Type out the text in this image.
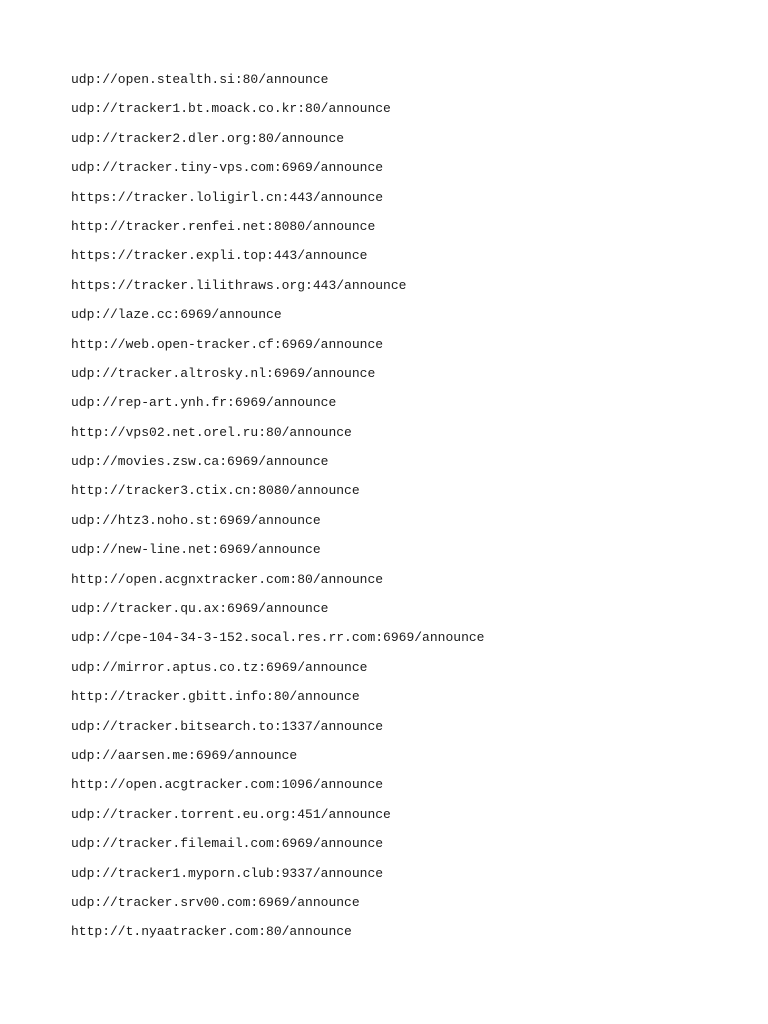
udp://open.stealth.si:80/announce
udp://tracker1.bt.moack.co.kr:80/announce
udp://tracker2.dler.org:80/announce
udp://tracker.tiny-vps.com:6969/announce
https://tracker.loligirl.cn:443/announce
http://tracker.renfei.net:8080/announce
https://tracker.expli.top:443/announce
https://tracker.lilithraws.org:443/announce
udp://laze.cc:6969/announce
http://web.open-tracker.cf:6969/announce
udp://tracker.altrosky.nl:6969/announce
udp://rep-art.ynh.fr:6969/announce
http://vps02.net.orel.ru:80/announce
udp://movies.zsw.ca:6969/announce
http://tracker3.ctix.cn:8080/announce
udp://htz3.noho.st:6969/announce
udp://new-line.net:6969/announce
http://open.acgnxtracker.com:80/announce
udp://tracker.qu.ax:6969/announce
udp://cpe-104-34-3-152.socal.res.rr.com:6969/announce
udp://mirror.aptus.co.tz:6969/announce
http://tracker.gbitt.info:80/announce
udp://tracker.bitsearch.to:1337/announce
udp://aarsen.me:6969/announce
http://open.acgtracker.com:1096/announce
udp://tracker.torrent.eu.org:451/announce
udp://tracker.filemail.com:6969/announce
udp://tracker1.myporn.club:9337/announce
udp://tracker.srv00.com:6969/announce
http://t.nyaatracker.com:80/announce
